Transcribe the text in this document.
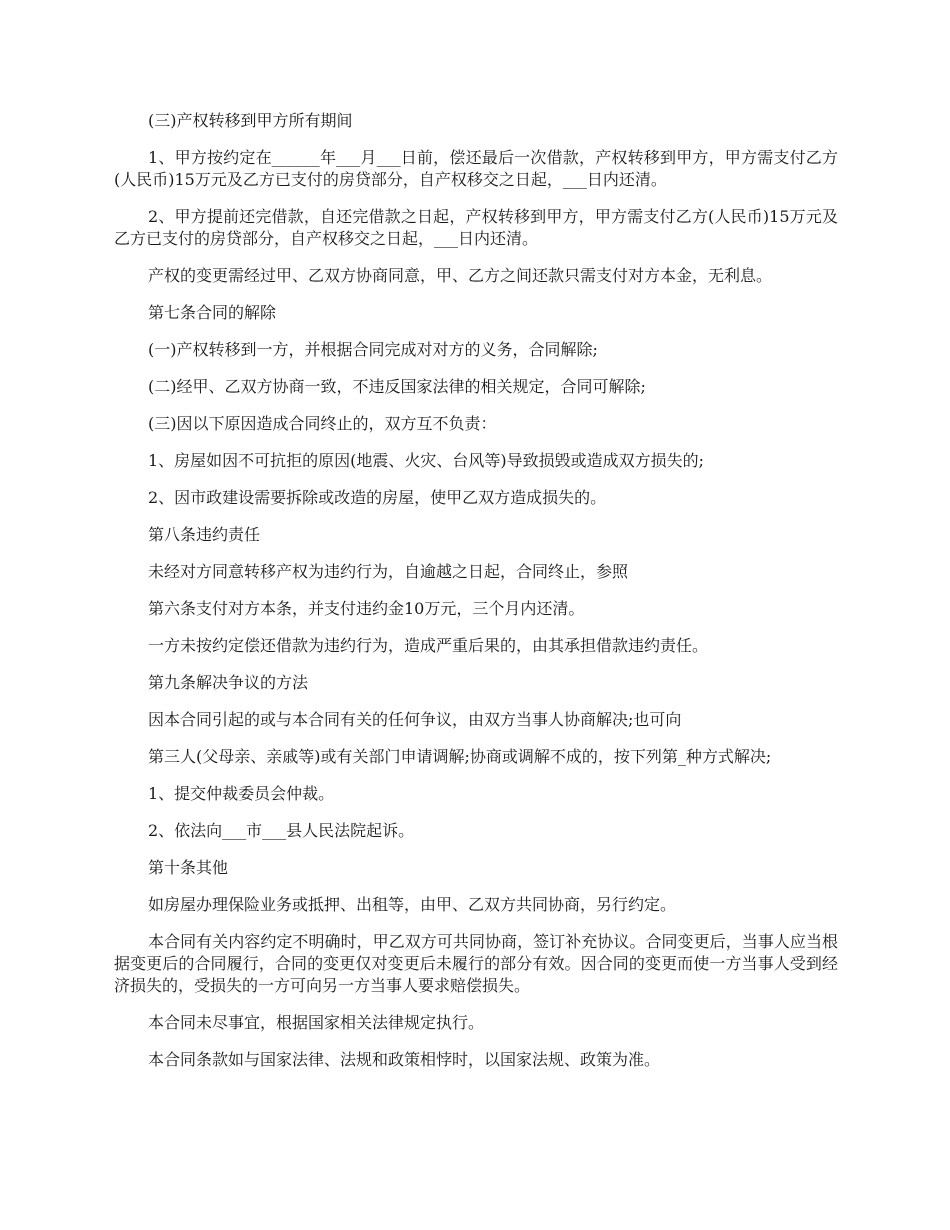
(三)产权转移到甲方所有期间

1、甲方按约定在______年___月___日前，偿还最后一次借款，产权转移到甲方，甲方需支付乙方(人民币)15万元及乙方已支付的房贷部分，自产权移交之日起，___日内还清。

2、甲方提前还完借款，自还完借款之日起，产权转移到甲方，甲方需支付乙方(人民币)15万元及乙方已支付的房贷部分，自产权移交之日起，___日内还清。

产权的变更需经过甲、乙双方协商同意，甲、乙方之间还款只需支付对方本金，无利息。

第七条合同的解除

(一)产权转移到一方，并根据合同完成对对方的义务，合同解除;

(二)经甲、乙双方协商一致，不违反国家法律的相关规定，合同可解除;

(三)因以下原因造成合同终止的，双方互不负责：

1、房屋如因不可抗拒的原因(地震、火灾、台风等)导致损毁或造成双方损失的;

2、因市政建设需要拆除或改造的房屋，使甲乙双方造成损失的。

第八条违约责任

未经对方同意转移产权为违约行为，自逾越之日起，合同终止，参照

第六条支付对方本条，并支付违约金10万元，三个月内还清。

一方未按约定偿还借款为违约行为，造成严重后果的，由其承担借款违约责任。

第九条解决争议的方法

因本合同引起的或与本合同有关的任何争议，由双方当事人协商解决;也可向

第三人(父母亲、亲戚等)或有关部门申请调解;协商或调解不成的，按下列第_种方式解决;

1、提交仲裁委员会仲裁。

2、依法向___市___县人民法院起诉。

第十条其他

如房屋办理保险业务或抵押、出租等，由甲、乙双方共同协商，另行约定。

本合同有关内容约定不明确时，甲乙双方可共同协商，签订补充协议。合同变更后，当事人应当根据变更后的合同履行，合同的变更仅对变更后未履行的部分有效。因合同的变更而使一方当事人受到经济损失的，受损失的一方可向另一方当事人要求赔偿损失。

本合同未尽事宜，根据国家相关法律规定执行。

本合同条款如与国家法律、法规和政策相悖时，以国家法规、政策为准。
